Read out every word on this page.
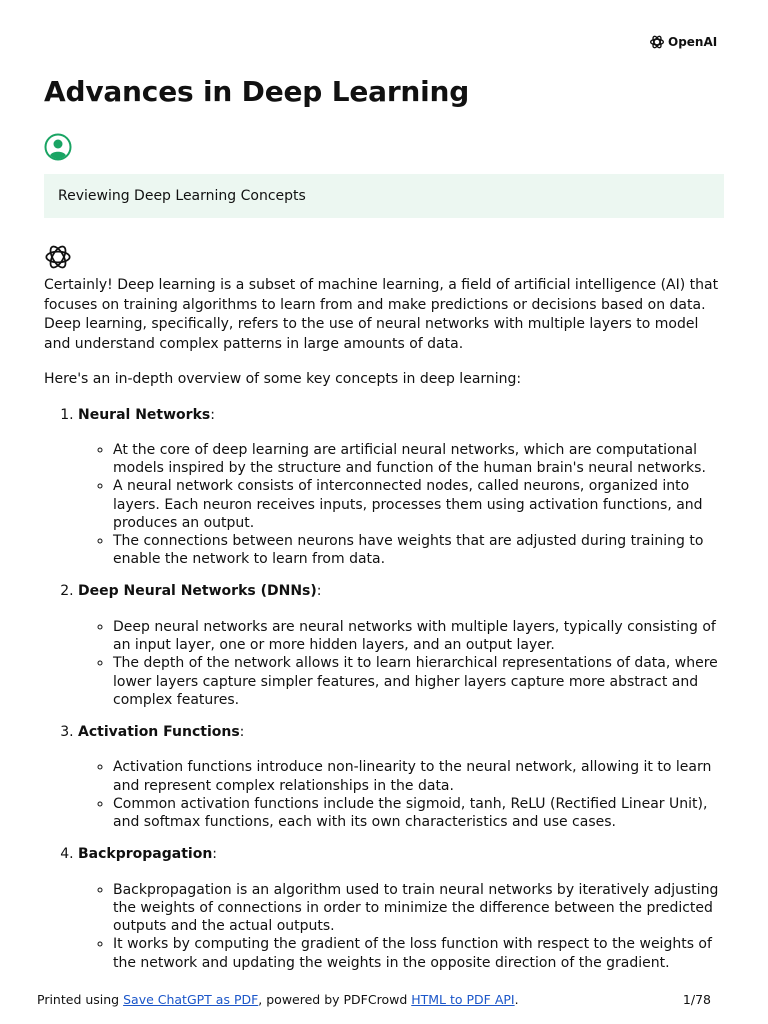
OpenAI
Advances in Deep Learning
Reviewing Deep Learning Concepts

Certainly! Deep learning is a subset of machine learning, a field of artificial intelligence (AI) that focuses on training algorithms to learn from and make predictions or decisions based on data. Deep learning, specifically, refers to the use of neural networks with multiple layers to model and understand complex patterns in large amounts of data.

Here's an in-depth overview of some key concepts in deep learning:

1. Neural Networks:
◦ At the core of deep learning are artificial neural networks, which are computational models inspired by the structure and function of the human brain's neural networks.
◦ A neural network consists of interconnected nodes, called neurons, organized into layers. Each neuron receives inputs, processes them using activation functions, and produces an output.
◦ The connections between neurons have weights that are adjusted during training to enable the network to learn from data.
2. Deep Neural Networks (DNNs):
◦ Deep neural networks are neural networks with multiple layers, typically consisting of an input layer, one or more hidden layers, and an output layer.
◦ The depth of the network allows it to learn hierarchical representations of data, where lower layers capture simpler features, and higher layers capture more abstract and complex features.
3. Activation Functions:
◦ Activation functions introduce non-linearity to the neural network, allowing it to learn and represent complex relationships in the data.
◦ Common activation functions include the sigmoid, tanh, ReLU (Rectified Linear Unit), and softmax functions, each with its own characteristics and use cases.
4. Backpropagation:
◦ Backpropagation is an algorithm used to train neural networks by iteratively adjusting the weights of connections in order to minimize the difference between the predicted outputs and the actual outputs.
◦ It works by computing the gradient of the loss function with respect to the weights of the network and updating the weights in the opposite direction of the gradient.
Printed using Save ChatGPT as PDF, powered by PDFCrowd HTML to PDF API.	1/78
